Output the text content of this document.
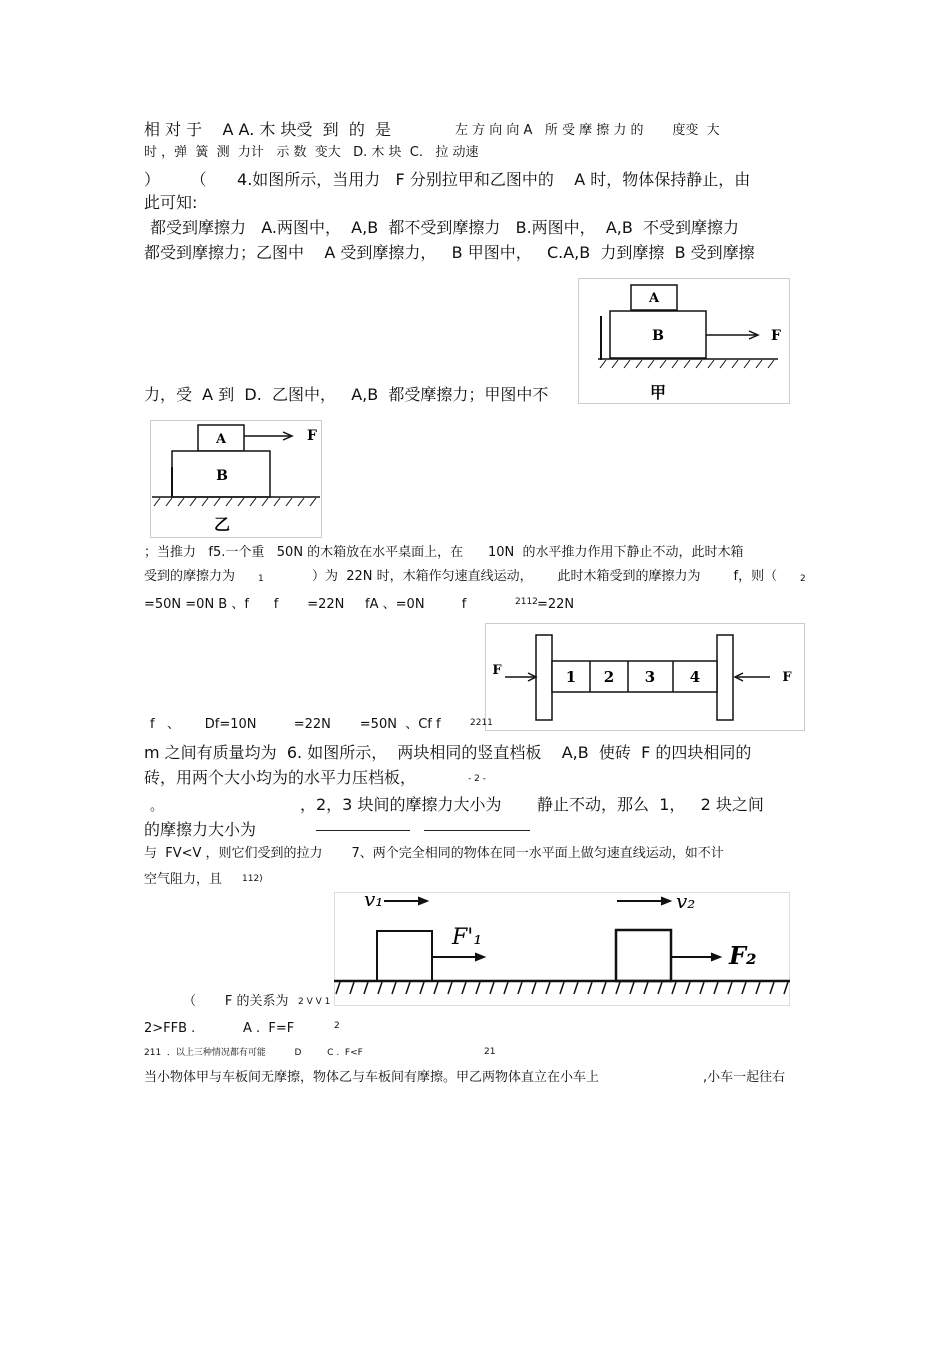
相 对 于    A A. 木 块受  到  的  是	左 方 向 向 A   所 受 摩 擦 力 的       度变  大
时 ，弹  簧  测  力计   示 数  变大   D. 木 块  C.   拉 动速
）      （      4.如图所示，当用力   F 分别拉甲和乙图中的    A 时，物体保持静止，由
此可知:
都受到摩擦力   A.两图中，  A,B  都不受到摩擦力   B.两图中，  A,B  不受到摩擦力
都受到摩擦力；乙图中    A 受到摩擦力，   B 甲图中，   C.A,B  力到摩擦  B 受到摩擦
力，受  A 到  D.  乙图中，   A,B  都受摩擦力；甲图中不
A
B	F
甲
A
B
F
乙
；当推力   f5.一个重   50N 的木箱放在水平桌面上，在      10N  的水平推力作用下静止不动，此时木箱
受到的摩擦力为	1	）为  22N 时，木箱作匀速直线运动，      此时木箱受到的摩擦力为        f，则（	2
=50N =0N B 、f      f       =22N     fA 、=0N         f	2112 =22N
F	F
1 2 3 4
f   、      Df=10N         =22N       =50N  、Cf f	2211
m 之间有质量均为  6. 如图所示，  两块相同的竖直档板    A,B  使砖  F 的四块相同的
砖，用两个大小均为的水平力压档板，	- 2 -
。	，2，3 块间的摩擦力大小为       静止不动，那么  1，   2 块之间
的摩擦力大小为
与  FV<V ，则它们受到的拉力       7、两个完全相同的物体在同一水平面上做匀速直线运动，如不计
空气阻力，且 112)
v₁	v₂
F'₁
F₂
（       F 的关系为 2 V V 1
2>FFB .	A .  F=F	2
211  ．以上三种情况都有可能          D         C .  F<F	21
当小物体甲与车板间无摩擦，物体乙与车板间有摩擦。甲乙两物体直立在小车上	,小车一起往右
